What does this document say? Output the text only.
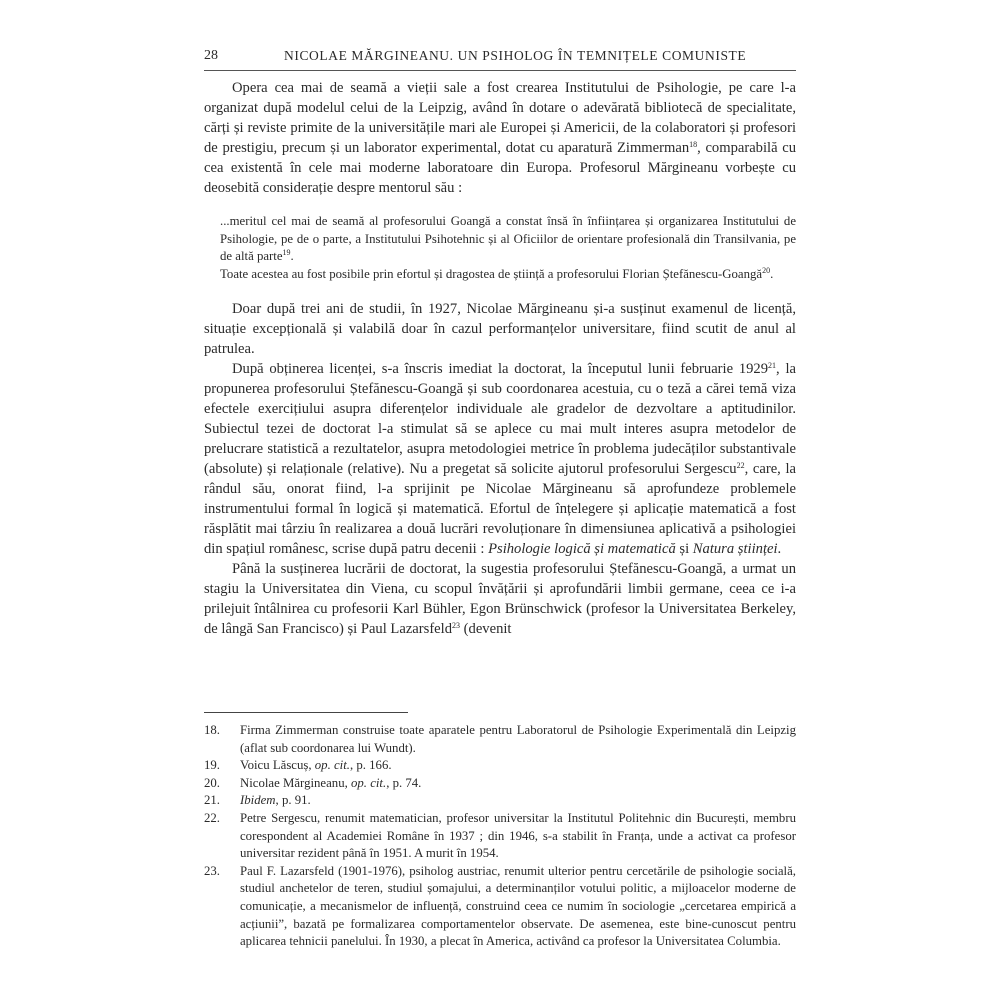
28	NICOLAE MĂRGINEANU. UN PSIHOLOG ÎN TEMNIȚELE COMUNISTE

Opera cea mai de seamă a vieții sale a fost crearea Institutului de Psihologie, pe care l-a organizat după modelul celui de la Leipzig, având în dotare o adevărată bibliotecă de specialitate, cărți și reviste primite de la universitățile mari ale Europei și Americii, de la colaboratori și profesori de prestigiu, precum și un laborator experimental, dotat cu aparatură Zimmerman$^{18}$, comparabilă cu cea existentă în cele mai moderne laboratoare din Europa. Profesorul Mărgineanu vorbește cu deosebită considerație despre mentorul său :

...meritul cel mai de seamă al profesorului Goangă a constat însă în înființarea și organizarea Institutului de Psihologie, pe de o parte, a Institutului Psihotehnic și al Oficiilor de orientare profesională din Transilvania, pe de altă parte$^{19}$.

Toate acestea au fost posibile prin efortul și dragostea de știință a profesorului Florian Ștefănescu-Goangă$^{20}$.

Doar după trei ani de studii, în 1927, Nicolae Mărgineanu și-a susținut examenul de licență, situație excepțională și valabilă doar în cazul performanțelor universitare, fiind scutit de anul al patrulea.

După obținerea licenței, s-a înscris imediat la doctorat, la începutul lunii februarie 1929$^{21}$, la propunerea profesorului Ștefănescu-Goangă și sub coordonarea acestuia, cu o teză a cărei temă viza efectele exercițiului asupra diferențelor individuale ale gradelor de dezvoltare a aptitudinilor. Subiectul tezei de doctorat l-a stimulat să se aplece cu mai mult interes asupra metodelor de prelucrare statistică a rezultatelor, asupra metodologiei metrice în problema judecăților substantivale (absolute) și relaționale (relative). Nu a pregetat să solicite ajutorul profesorului Sergescu$^{22}$, care, la rândul său, onorat fiind, l-a sprijinit pe Nicolae Mărgineanu să aprofundeze problemele instrumentului formal în logică și matematică. Efortul de înțelegere și aplicație matematică a fost răsplătit mai târziu în realizarea a două lucrări revoluționare în dimensiunea aplicativă a psihologiei din spațiul românesc, scrise după patru decenii : Psihologie logică și matematică și Natura științei.

Până la susținerea lucrării de doctorat, la sugestia profesorului Ștefănescu-Goangă, a urmat un stagiu la Universitatea din Viena, cu scopul învățării și aprofundării limbii germane, ceea ce i-a prilejuit întâlnirea cu profesorii Karl Bühler, Egon Brünschwick (profesor la Universitatea Berkeley, de lângă San Francisco) și Paul Lazarsfeld$^{23}$ (devenit

18.	Firma Zimmerman construise toate aparatele pentru Laboratorul de Psihologie Experimentală din Leipzig (aflat sub coordonarea lui Wundt).
19.	Voicu Lăscuș, op. cit., p. 166.
20.	Nicolae Mărgineanu, op. cit., p. 74.
21.	Ibidem, p. 91.
22.	Petre Sergescu, renumit matematician, profesor universitar la Institutul Politehnic din București, membru corespondent al Academiei Române în 1937 ; din 1946, s-a stabilit în Franța, unde a activat ca profesor universitar rezident până în 1951. A murit în 1954.
23.	Paul F. Lazarsfeld (1901-1976), psiholog austriac, renumit ulterior pentru cercetările de psihologie socială, studiul anchetelor de teren, studiul șomajului, a determinanților votului politic, a mijloacelor moderne de comunicație, a mecanismelor de influență, construind ceea ce numim în sociologie „cercetarea empirică a acțiunii”, bazată pe formalizarea comportamentelor observate. De asemenea, este bine-cunoscut pentru aplicarea tehnicii panelului. În 1930, a plecat în America, activând ca profesor la Universitatea Columbia.
